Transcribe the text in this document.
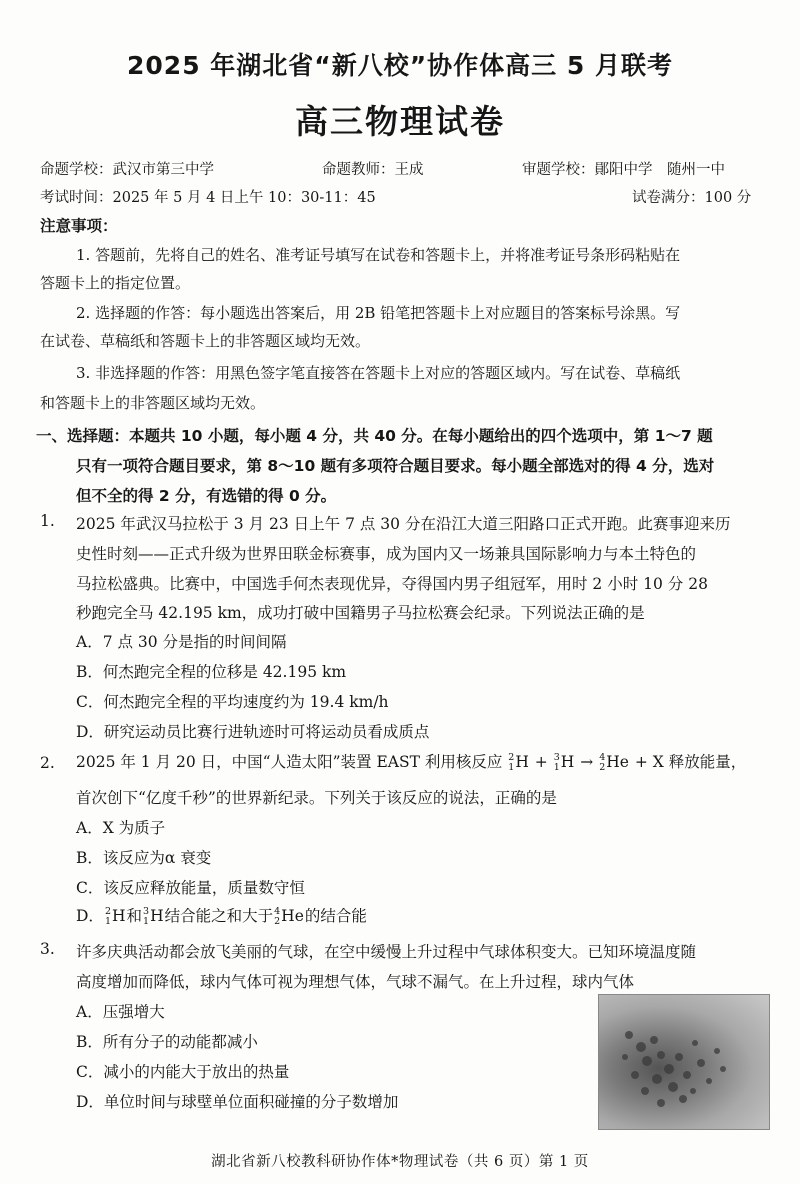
2025 年湖北省“新八校”协作体高三 5 月联考
高三物理试卷
命题学校：武汉市第三中学	命题教师：王成	审题学校：鄖阳中学　随州一中
考试时间：2025 年 5 月 4 日上午 10：30-11：45	试卷满分：100 分
注意事项：
1. 答题前，先将自己的姓名、准考证号填写在试卷和答题卡上，并将准考证号条形码粘贴在
答题卡上的指定位置。
2. 选择题的作答：每小题选出答案后，用 2B 铅笔把答题卡上对应题目的答案标号涂黑。写
在试卷、草稿纸和答题卡上的非答题区域均无效。
3. 非选择题的作答：用黑色签字笔直接答在答题卡上对应的答题区域内。写在试卷、草稿纸
和答题卡上的非答题区域均无效。
一、选择题：本题共 10 小题，每小题 4 分，共 40 分。在每小题给出的四个选项中，第 1～7 题
只有一项符合题目要求，第 8～10 题有多项符合题目要求。每小题全部选对的得 4 分，选对
但不全的得 2 分，有选错的得 0 分。
1. 2025 年武汉马拉松于 3 月 23 日上午 7 点 30 分在沿江大道三阳路口正式开跑。此赛事迎来历
史性时刻——正式升级为世界田联金标赛事，成为国内又一场兼具国际影响力与本土特色的
马拉松盛典。比赛中，中国选手何杰表现优异，夺得国内男子组冠军，用时 2 小时 10 分 28
秒跑完全马 42.195 km，成功打破中国籍男子马拉松赛会纪录。下列说法正确的是
A．7 点 30 分是指的时间间隔
B．何杰跑完全程的位移是 42.195 km
C．何杰跑完全程的平均速度约为 19.4 km/h
D．研究运动员比赛行进轨迹时可将运动员看成质点
2. 2025 年 1 月 20 日，中国“人造太阳”装置 EAST 利用核反应 2
1 H + 3
1 H → 4
2 He + X 释放能量，
首次创下“亿度千秒”的世界新纪录。下列关于该反应的说法，正确的是
A．X 为质子
B．该反应为α 衰变
C．该反应释放能量，质量数守恒
D． 2
1 H和 3
1 H结合能之和大于 4
2 He的结合能
3. 许多庆典活动都会放飞美丽的气球，在空中缓慢上升过程中气球体积变大。已知环境温度随
高度增加而降低，球内气体可视为理想气体，气球不漏气。在上升过程，球内气体
A．压强增大
B．所有分子的动能都减小
C．减小的内能大于放出的热量
D．单位时间与球壁单位面积碰撞的分子数增加
湖北省新八校教科研协作体*物理试卷（共 6 页）第 1 页
